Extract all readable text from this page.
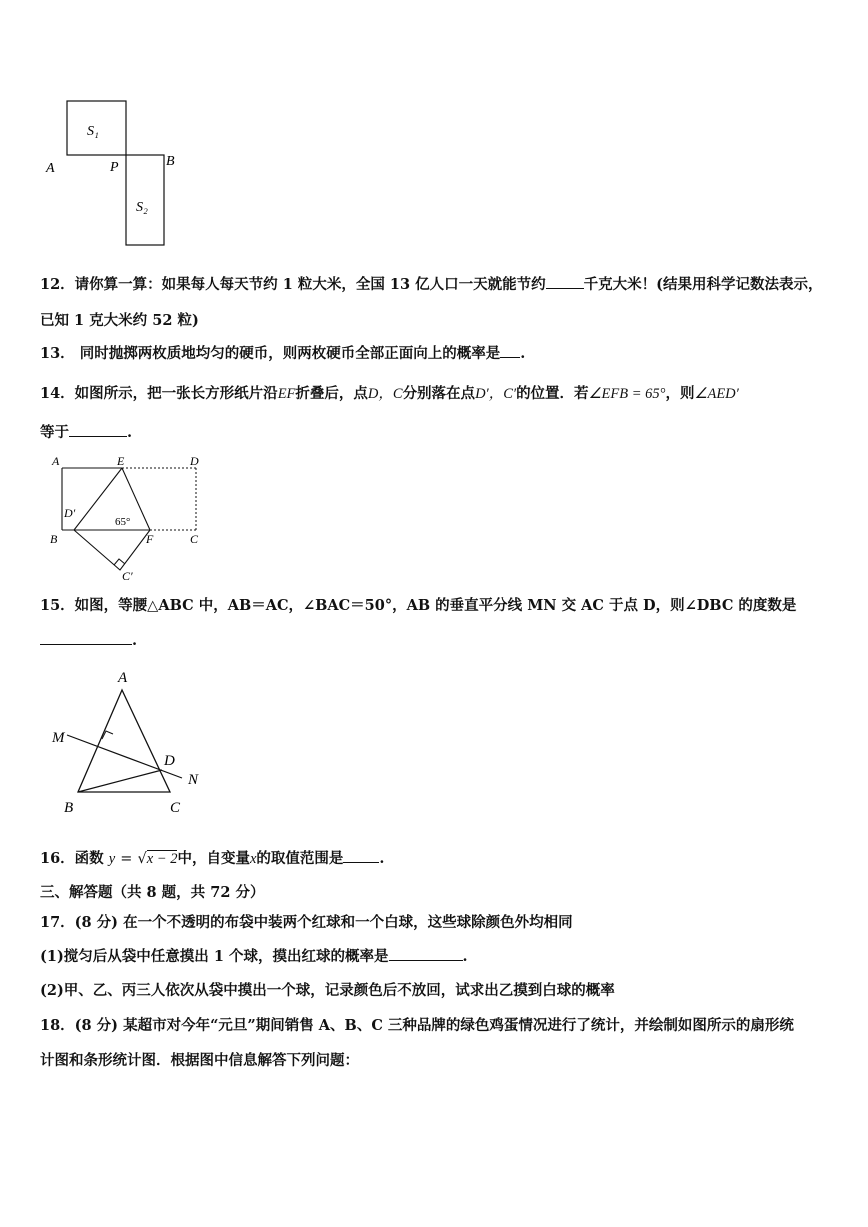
S₁
S₂
A	P	B
12．请你算一算：如果每人每天节约 1 粒大米，全国 13 亿人口一天就能节约	千克大米！(结果用科学记数法表示，
已知 1 克大米约 52 粒)
13． 同时抛掷两枚质地均匀的硬币，则两枚硬币全部正面向上的概率是 .
14．如图所示，把一张长方形纸片沿EF折叠后，点D，C分别落在点D′，C′的位置．若∠EFB = 65°，则∠AED′
等于	.
A	E	D
D′
65°
B	F	C
C′
15．如图，等腰△ABC 中，AB＝AC，∠BAC＝50°，AB 的垂直平分线 MN 交 AC 于点 D，则∠DBC 的度数是
.
A
M
D
N
B	C
16．函数 y = √x − 2中，自变量x的取值范围是 .
三、解答题（共 8 题，共 72 分）
17．(8 分) 在一个不透明的布袋中装两个红球和一个白球，这些球除颜色外均相同
(1)搅匀后从袋中任意摸出 1 个球，摸出红球的概率是	.
(2)甲、乙、丙三人依次从袋中摸出一个球，记录颜色后不放回，试求出乙摸到白球的概率
18．(8 分) 某超市对今年“元旦”期间销售 A、B、C 三种品牌的绿色鸡蛋情况进行了统计，并绘制如图所示的扇形统
计图和条形统计图．根据图中信息解答下列问题：
